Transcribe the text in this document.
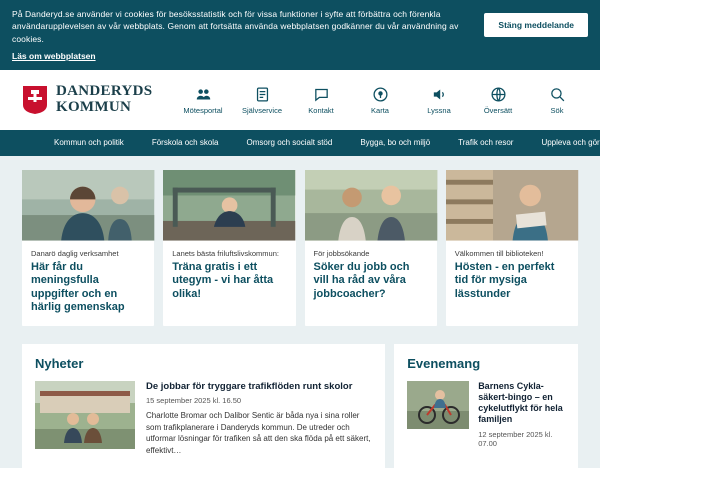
På Danderyd.se använder vi cookies för besöksstatistik och för vissa funktioner i syfte att förbättra och förenkla användarupplevelsen av vår webbplats. Genom att fortsätta använda webbplatsen godkänner du vår användning av cookies.
Läs om webbplatsen
Stäng meddelande
DANDERYDS
KOMMUN	Mötesportal	Självservice	Kontakt	Karta	Lyssna	Översätt	Sök
Kommun och politik	Förskola och skola	Omsorg och socialt stöd	Bygga, bo och miljö	Trafik och resor	Uppleva och göra	Näringsliv	Jobb
Danarö daglig verksamhet
Här får du meningsfulla uppgifter och en härlig gemenskap
Lanets bästa friluftslivskommun:
Träna gratis i ett utegym - vi har åtta olika!
För jobbsökande
Söker du jobb och vill ha råd av våra jobbcoacher?
Välkommen till biblioteken!
Hösten - en perfekt tid för mysiga lässtunder
Nyheter
De jobbar för tryggare trafikflöden runt skolor
15 september 2025 kl. 16.50
Charlotte Bromar och Dalibor Sentic är båda nya i sina roller som trafikplanerare i Danderyds kommun. De utreder och utformar lösningar för trafiken så att den ska flöda på ett säkert, effektivt…
Evenemang
Barnens Cykla-säkert-bingo – en cykelutflykt för hela familjen
12 september 2025 kl. 07.00
